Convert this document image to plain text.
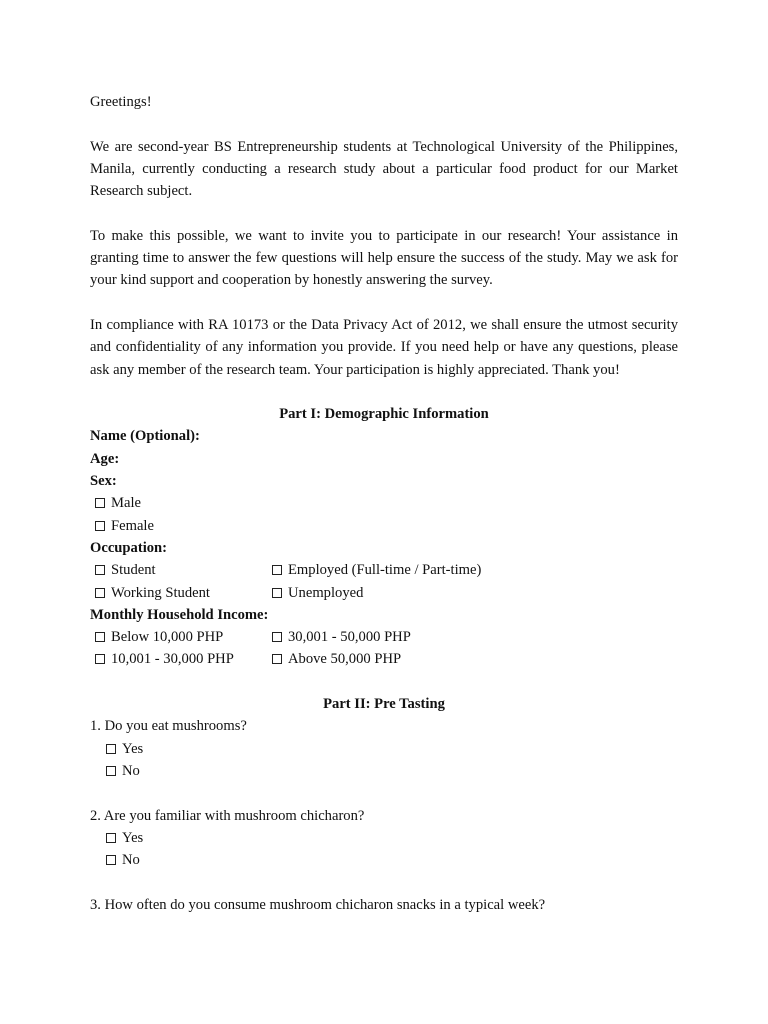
Greetings!

We are second-year BS Entrepreneurship students at Technological University of the Philippines, Manila, currently conducting a research study about a particular food product for our Market Research subject.

To make this possible, we want to invite you to participate in our research! Your assistance in granting time to answer the few questions will help ensure the success of the study. May we ask for your kind support and cooperation by honestly answering the survey.

In compliance with RA 10173 or the Data Privacy Act of 2012, we shall ensure the utmost security and confidentiality of any information you provide. If you need help or have any questions, please ask any member of the research team. Your participation is highly appreciated. Thank you!

Part I: Demographic Information
Name (Optional):
Age:
Sex:
Male
Female
Occupation:
Student	Employed (Full-time / Part-time)
Working Student	Unemployed
Monthly Household Income:
Below 10,000 PHP	30,001 - 50,000 PHP
10,001 - 30,000 PHP	Above 50,000 PHP
Part II: Pre Tasting
1. Do you eat mushrooms?
Yes
No
2. Are you familiar with mushroom chicharon?
Yes
No
3. How often do you consume mushroom chicharon snacks in a typical week?
